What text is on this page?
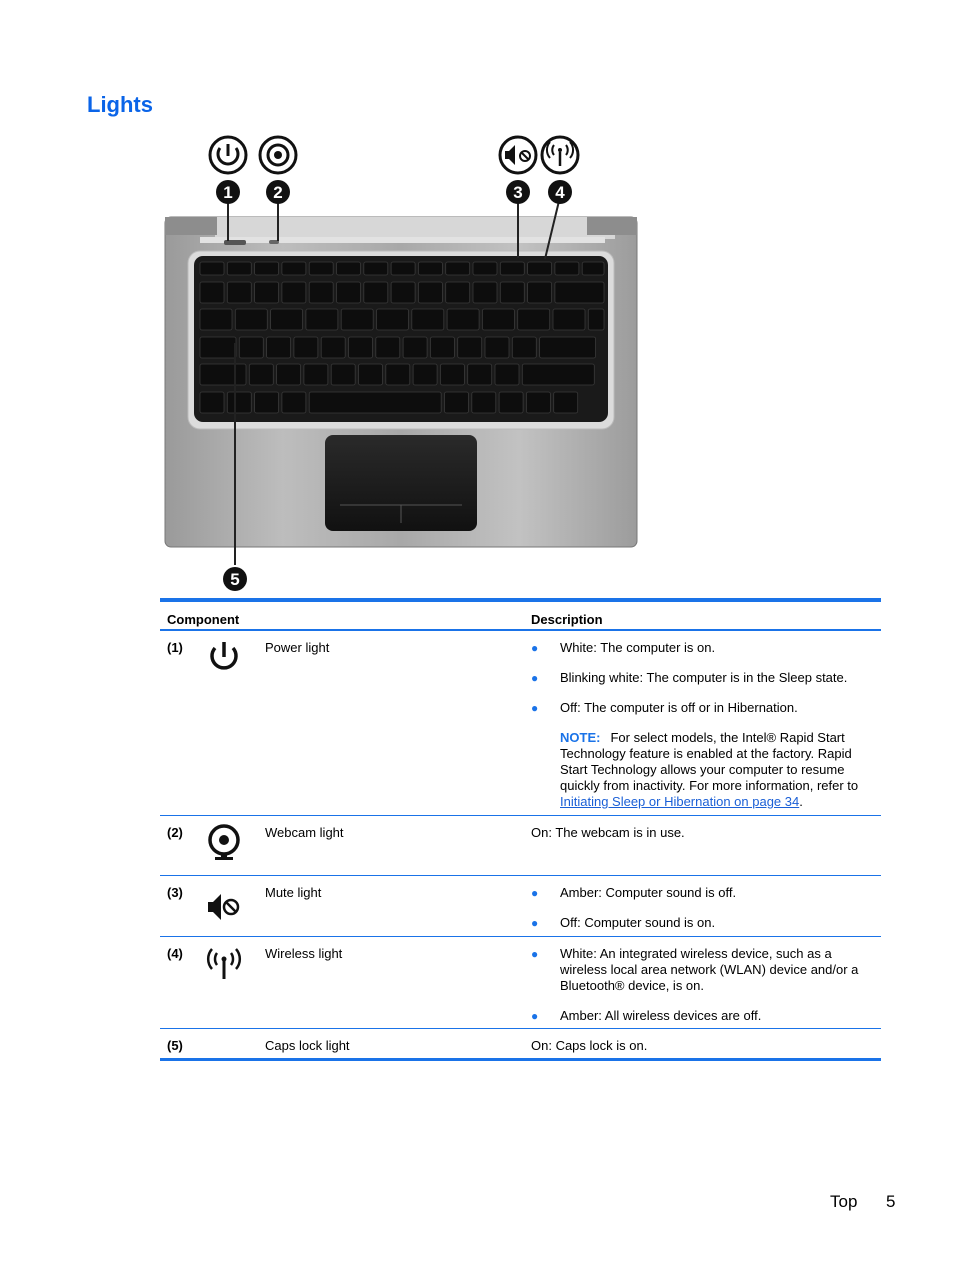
Lights
1 2	3 4
5
Component	Description
(1)	Power light	● White: The computer is on.
● Blinking white: The computer is in the Sleep state.
● Off: The computer is off or in Hibernation.
NOTE: For select models, the Intel® Rapid Start Technology feature is enabled at the factory. Rapid Start Technology allows your computer to resume quickly from inactivity. For more information, refer to Initiating Sleep or Hibernation on page 34.
(2)	Webcam light	On: The webcam is in use.
(3)	Mute light	● Amber: Computer sound is off.
● Off: Computer sound is on.
(4)	Wireless light	● White: An integrated wireless device, such as a wireless local area network (WLAN) device and/or a Bluetooth® device, is on.
● Amber: All wireless devices are off.
(5)	Caps lock light	On: Caps lock is on.
Top 5
